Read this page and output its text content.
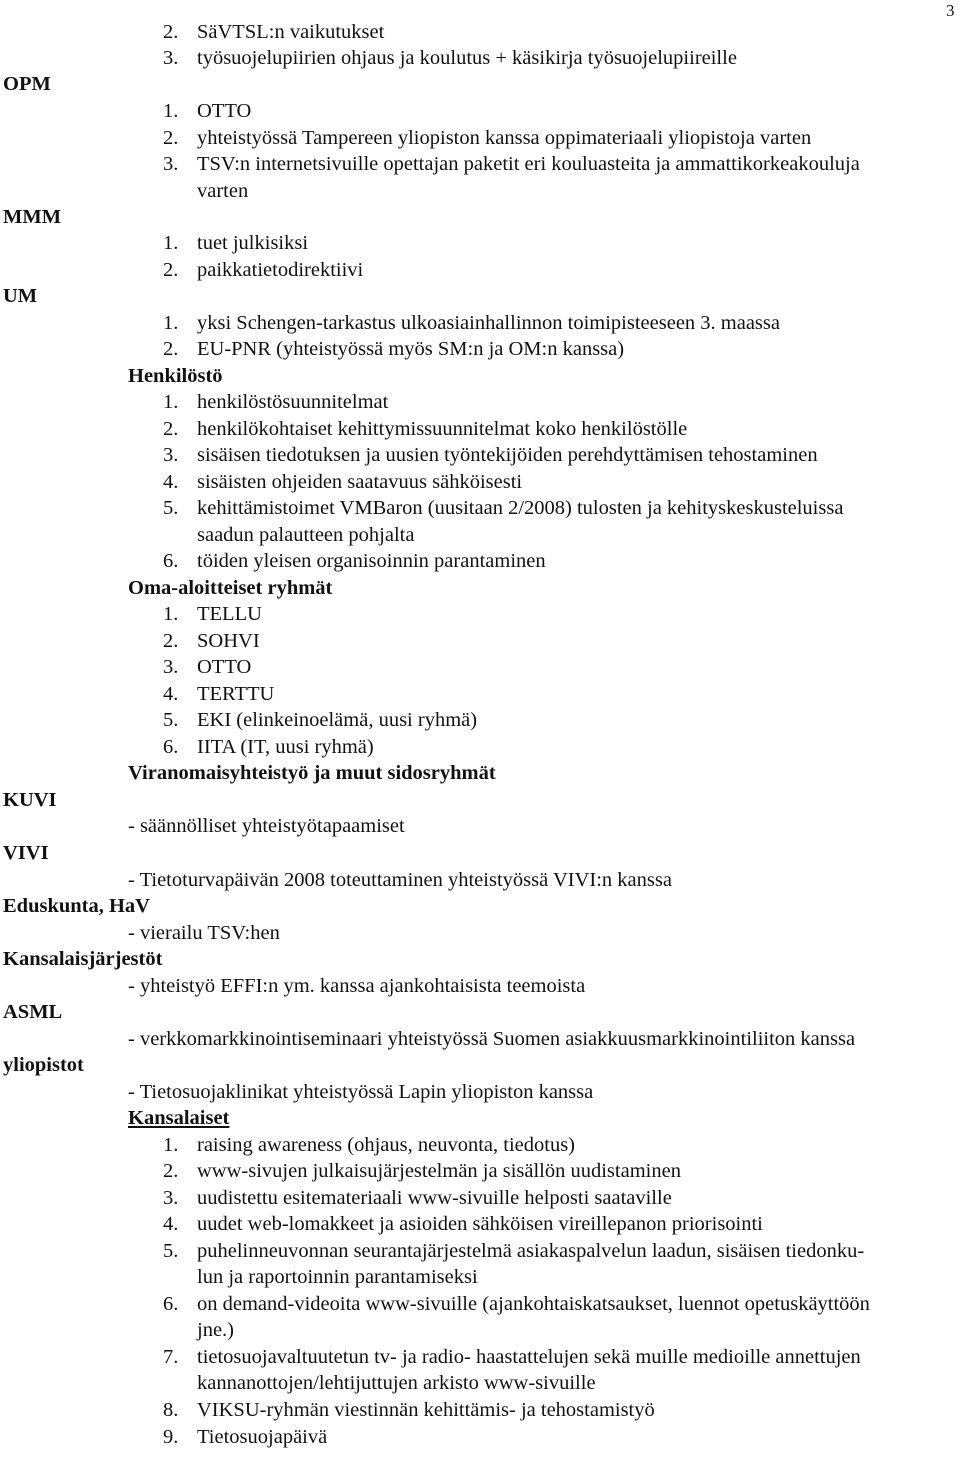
3
2. SäVTSL:n vaikutukset
3. työsuojelupiirien ohjaus ja koulutus + käsikirja työsuojelupiireille
OPM
1. OTTO
2. yhteistyössä Tampereen yliopiston kanssa oppimateriaali yliopistoja varten
3. TSV:n internetsivuille opettajan paketit eri kouluasteita ja ammattikorkeakouluja
varten
MMM
1. tuet julkisiksi
2. paikkatietodirektiivi
UM
1. yksi Schengen-tarkastus ulkoasiainhallinnon toimipisteeseen 3. maassa
2. EU-PNR (yhteistyössä myös SM:n ja OM:n kanssa)
Henkilöstö
1. henkilöstösuunnitelmat
2. henkilökohtaiset kehittymissuunnitelmat koko henkilöstölle
3. sisäisen tiedotuksen ja uusien työntekijöiden perehdyttämisen tehostaminen
4. sisäisten ohjeiden saatavuus sähköisesti
5. kehittämistoimet VMBaron (uusitaan 2/2008) tulosten ja kehityskeskusteluissa
saadun palautteen pohjalta
6. töiden yleisen organisoinnin parantaminen
Oma-aloitteiset ryhmät
1. TELLU
2. SOHVI
3. OTTO
4. TERTTU
5. EKI (elinkeinoelämä, uusi ryhmä)
6. IITA (IT, uusi ryhmä)
Viranomaisyhteistyö ja muut sidosryhmät
KUVI
- säännölliset yhteistyötapaamiset
VIVI
- Tietoturvapäivän 2008 toteuttaminen yhteistyössä VIVI:n kanssa
Eduskunta, HaV
- vierailu TSV:hen
Kansalaisjärjestöt
- yhteistyö EFFI:n ym. kanssa ajankohtaisista teemoista
ASML
- verkkomarkkinointiseminaari yhteistyössä Suomen asiakkuusmarkkinointiliiton kanssa
yliopistot
- Tietosuojaklinikat yhteistyössä Lapin yliopiston kanssa
Kansalaiset
1. raising awareness (ohjaus, neuvonta, tiedotus)
2. www-sivujen julkaisujärjestelmän ja sisällön uudistaminen
3. uudistettu esitemateriaali www-sivuille helposti saataville
4. uudet web-lomakkeet ja asioiden sähköisen vireillepanon priorisointi
5. puhelinneuvonnan seurantajärjestelmä asiakaspalvelun laadun, sisäisen tiedonku-
lun ja raportoinnin parantamiseksi
6. on demand-videoita www-sivuille (ajankohtaiskatsaukset, luennot opetuskäyttöön
jne.)
7. tietosuojavaltuutetun tv- ja radio- haastattelujen sekä muille medioille annettujen
kannanottojen/lehtijuttujen arkisto www-sivuille
8. VIKSU-ryhmän viestinnän kehittämis- ja tehostamistyö
9. Tietosuojapäivä
